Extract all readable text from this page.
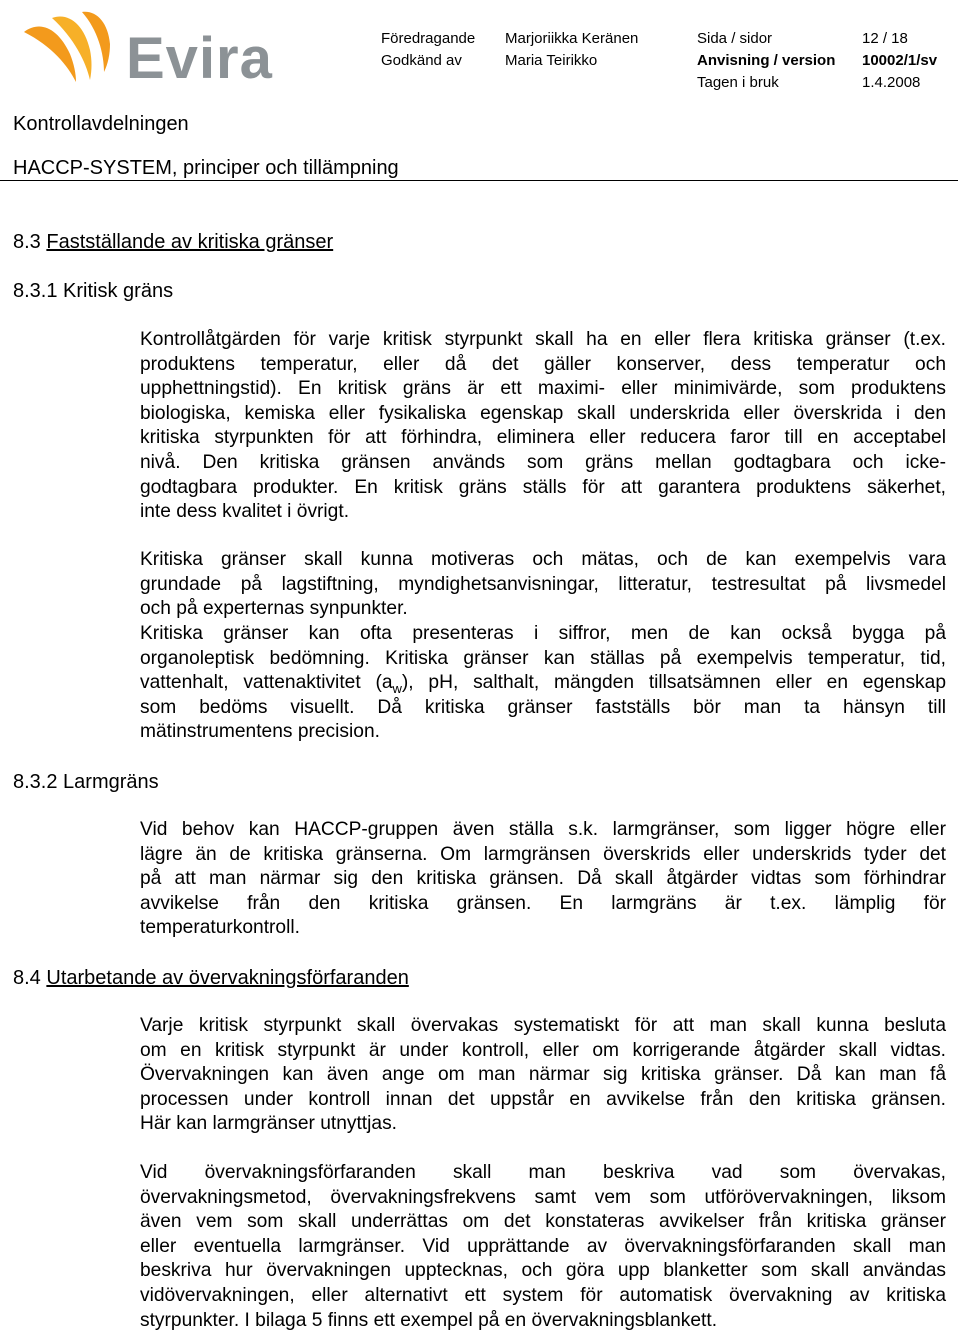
Evira	Föredragande
Godkänd av
Marjoriikka Keränen
Maria Teirikko
Sida / sidor
Anvisning / version
Tagen i bruk
12 / 18
10002/1/sv
1.4.2008
Kontrollavdelningen
HACCP-SYSTEM, principer och tillämpning
8.3 Fastställande av kritiska gränser
8.3.1 Kritisk gräns
Kontrollåtgärden för varje kritisk styrpunkt skall ha en eller flera kritiska gränser (t.ex.
produktens temperatur, eller då det gäller konserver, dess temperatur och
upphettningstid). En kritisk gräns är ett maximi- eller minimivärde, som produktens
biologiska, kemiska eller fysikaliska egenskap skall underskrida eller överskrida i den
kritiska styrpunkten för att förhindra, eliminera eller reducera faror till en acceptabel
nivå. Den kritiska gränsen används som gräns mellan godtagbara och icke-
godtagbara produkter. En kritisk gräns ställs för att garantera produktens säkerhet,
inte dess kvalitet i övrigt.
Kritiska gränser skall kunna motiveras och mätas, och de kan exempelvis vara
grundade på lagstiftning, myndighetsanvisningar, litteratur, testresultat på livsmedel
och på experternas synpunkter.
Kritiska gränser kan ofta presenteras i siffror, men de kan också bygga på
organoleptisk bedömning. Kritiska gränser kan ställas på exempelvis temperatur, tid,
vattenhalt, vattenaktivitet $(a_w)$, pH, salthalt, mängden tillsatsämnen eller en egenskap
som bedöms visuellt. Då kritiska gränser fastställs bör man ta hänsyn till
mätinstrumentens precision.
8.3.2 Larmgräns
Vid behov kan HACCP-gruppen även ställa s.k. larmgränser, som ligger högre eller
lägre än de kritiska gränserna. Om larmgränsen överskrids eller underskrids tyder det
på att man närmar sig den kritiska gränsen. Då skall åtgärder vidtas som förhindrar
avvikelse från den kritiska gränsen. En larmgräns är t.ex. lämplig för
temperaturkontroll.
8.4 Utarbetande av övervakningsförfaranden
Varje kritisk styrpunkt skall övervakas systematiskt för att man skall kunna besluta
om en kritisk styrpunkt är under kontroll, eller om korrigerande åtgärder skall vidtas.
Övervakningen kan även ange om man närmar sig kritiska gränser. Då kan man få
processen under kontroll innan det uppstår en avvikelse från den kritiska gränsen.
Här kan larmgränser utnyttjas.
Vid övervakningsförfaranden skall man beskriva vad som övervakas,
övervakningsmetod, övervakningsfrekvens samt vem som utförövervakningen, liksom
även vem som skall underrättas om det konstateras avvikelser från kritiska gränser
eller eventuella larmgränser. Vid upprättande av övervakningsförfaranden skall man
beskriva hur övervakningen upptecknas, och göra upp blanketter som skall användas
vidövervakningen, eller alternativt ett system för automatisk övervakning av kritiska
styrpunkter. I bilaga 5 finns ett exempel på en övervakningsblankett.
